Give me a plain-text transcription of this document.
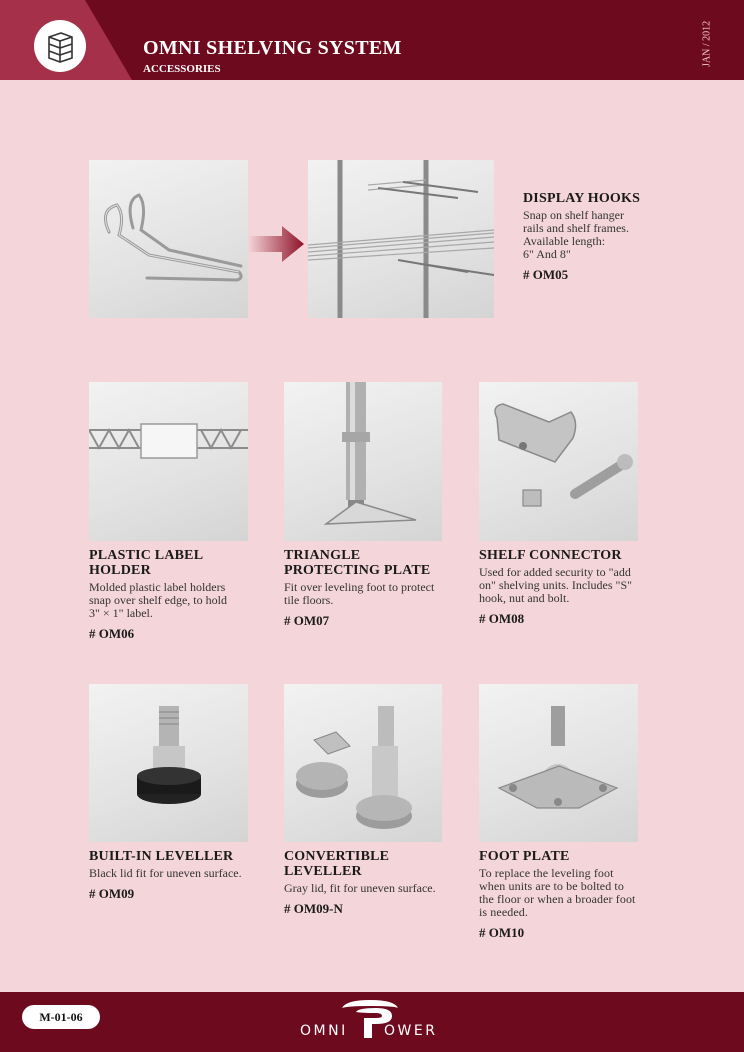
OMNI SHELVING SYSTEM
ACCESSORIES
JAN / 2012
DISPLAY HOOKS
Snap on shelf hanger
rails and shelf frames.
Available length:
6" And 8"
# OM05
PLASTIC LABEL
HOLDER
Molded plastic label holders
snap over shelf edge, to hold
3" × 1" label.
# OM06
TRIANGLE
PROTECTING PLATE
Fit over leveling foot to protect
tile floors.
# OM07
SHELF CONNECTOR
Used for added security to "add
on" shelving units. Includes "S"
hook, nut and bolt.
# OM08
BUILT-IN LEVELLER
Black lid fit for uneven surface.
# OM09
CONVERTIBLE
LEVELLER
Gray lid, fit for uneven surface.
# OM09-N
FOOT PLATE
To replace the leveling foot
when units are to be bolted to
the floor or when a broader foot
is needed.
# OM10
M-01-06
OMNI	OWER
